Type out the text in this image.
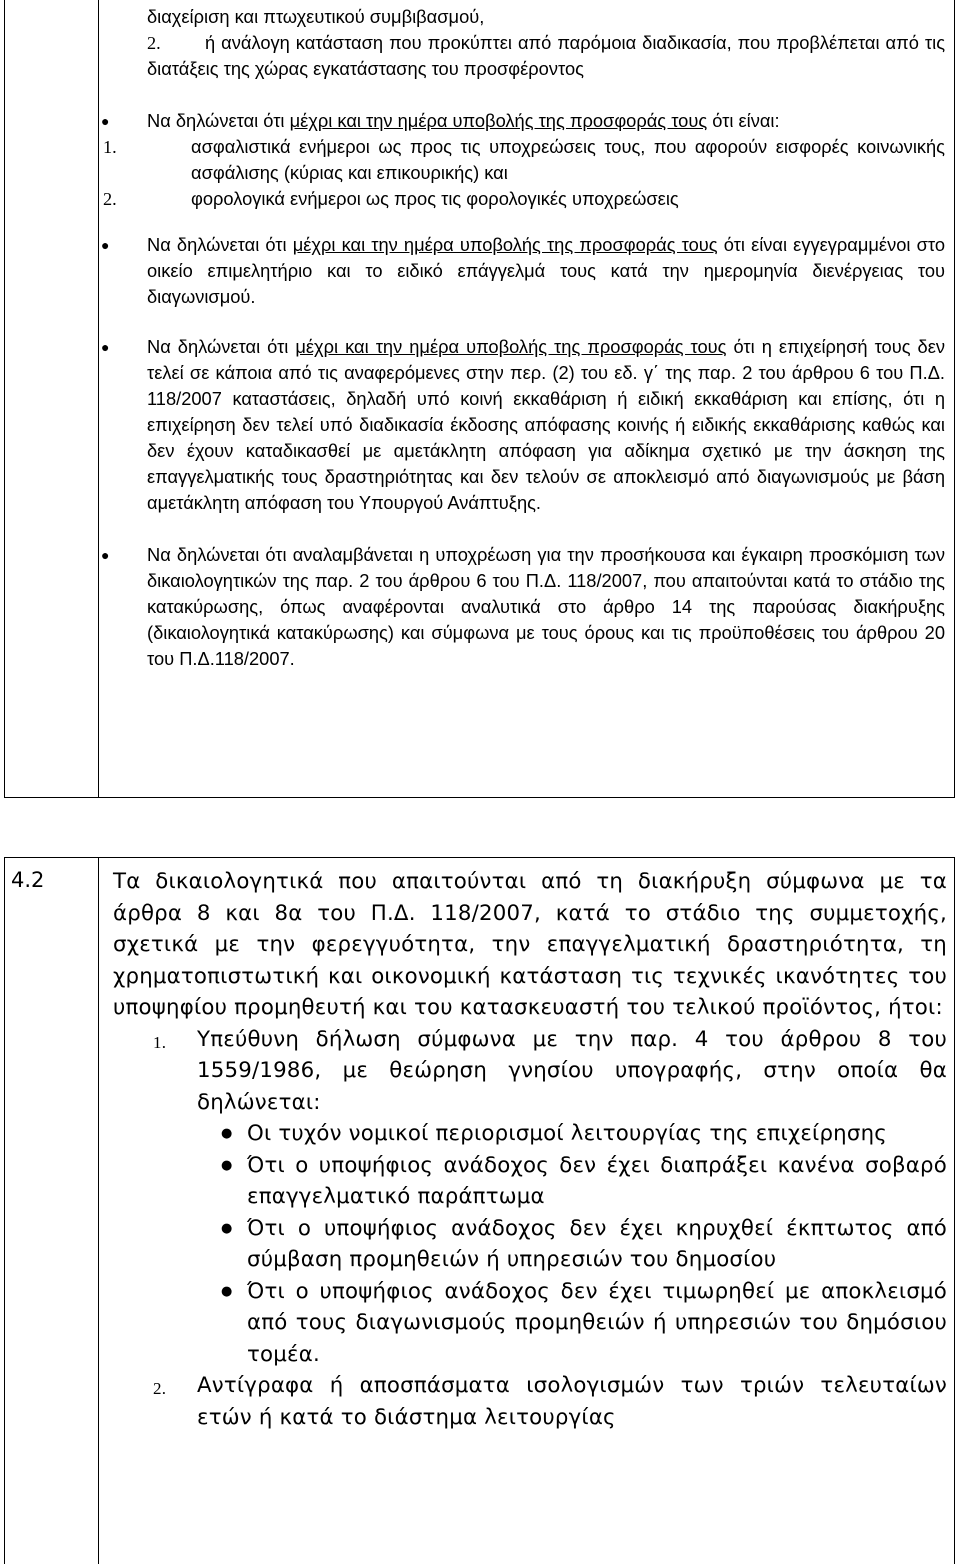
διαχείριση και πτωχευτικού συμβιβασμού,

2. ή ανάλογη κατάσταση που προκύπτει από παρόμοια διαδικασία, που προβλέπεται από τις διατάξεις της χώρας εγκατάστασης του προσφέροντος

● Να δηλώνεται ότι μέχρι και την ημέρα υποβολής της προσφοράς τους ότι είναι:

1.	ασφαλιστικά ενήμεροι ως προς τις υποχρεώσεις τους, που αφορούν εισφορές κοινωνικής ασφάλισης (κύριας και επικουρικής) και

2.	φορολογικά ενήμεροι ως προς τις φορολογικές υποχρεώσεις

● Να δηλώνεται ότι μέχρι και την ημέρα υποβολής της προσφοράς τους ότι είναι εγγεγραμμένοι στο οικείο επιμελητήριο και το ειδικό επάγγελμά τους κατά την ημερομηνία διενέργειας του διαγωνισμού.

● Να δηλώνεται ότι μέχρι και την ημέρα υποβολής της προσφοράς τους ότι η επιχείρησή τους δεν τελεί σε κάποια από τις αναφερόμενες στην περ. (2) του εδ. γ΄ της παρ. 2 του άρθρου 6 του Π.Δ. 118/2007 καταστάσεις, δηλαδή υπό κοινή εκκαθάριση ή ειδική εκκαθάριση και επίσης, ότι η επιχείρηση δεν τελεί υπό διαδικασία έκδοσης απόφασης κοινής ή ειδικής εκκαθάρισης καθώς και δεν έχουν καταδικασθεί με αμετάκλητη απόφαση για αδίκημα σχετικό με την άσκηση της επαγγελματικής τους δραστηριότητας και δεν τελούν σε αποκλεισμό από διαγωνισμούς με βάση αμετάκλητη απόφαση του Υπουργού Ανάπτυξης.

● Να δηλώνεται ότι αναλαμβάνεται η υποχρέωση για την προσήκουσα και έγκαιρη προσκόμιση των δικαιολογητικών της παρ. 2 του άρθρου 6 του Π.Δ. 118/2007, που απαιτούνται κατά το στάδιο της κατακύρωσης, όπως αναφέρονται αναλυτικά στο άρθρο 14 της παρούσας διακήρυξης (δικαιολογητικά κατακύρωσης) και σύμφωνα με τους όρους και τις προϋποθέσεις του άρθρου 20 του Π.Δ.118/2007.

4.2	Τα δικαιολογητικά που απαιτούνται από τη διακήρυξη σύμφωνα με τα άρθρα 8 και 8α του Π.Δ. 118/2007, κατά το στάδιο της συμμετοχής, σχετικά με την φερεγγυότητα, την επαγγελματική δραστηριότητα, τη χρηματοπιστωτική και οικονομική κατάσταση τις τεχνικές ικανότητες του υποψηφίου προμηθευτή και του κατασκευαστή του τελικού προϊόντος, ήτοι:

1. Υπεύθυνη δήλωση σύμφωνα με την παρ. 4 του άρθρου 8 του 1559/1986, με θεώρηση γνησίου υπογραφής, στην οποία θα δηλώνεται:
● Οι τυχόν νομικοί περιορισμοί λειτουργίας της επιχείρησης
● Ότι ο υποψήφιος ανάδοχος δεν έχει διαπράξει κανένα σοβαρό επαγγελματικό παράπτωμα
● Ότι ο υποψήφιος ανάδοχος δεν έχει κηρυχθεί έκπτωτος από σύμβαση προμηθειών ή υπηρεσιών του δημοσίου
● Ότι ο υποψήφιος ανάδοχος δεν έχει τιμωρηθεί με αποκλεισμό από τους διαγωνισμούς προμηθειών ή υπηρεσιών του δημόσιου τομέα.
2. Αντίγραφα ή αποσπάσματα ισολογισμών των τριών τελευταίων ετών ή κατά το διάστημα λειτουργίας
